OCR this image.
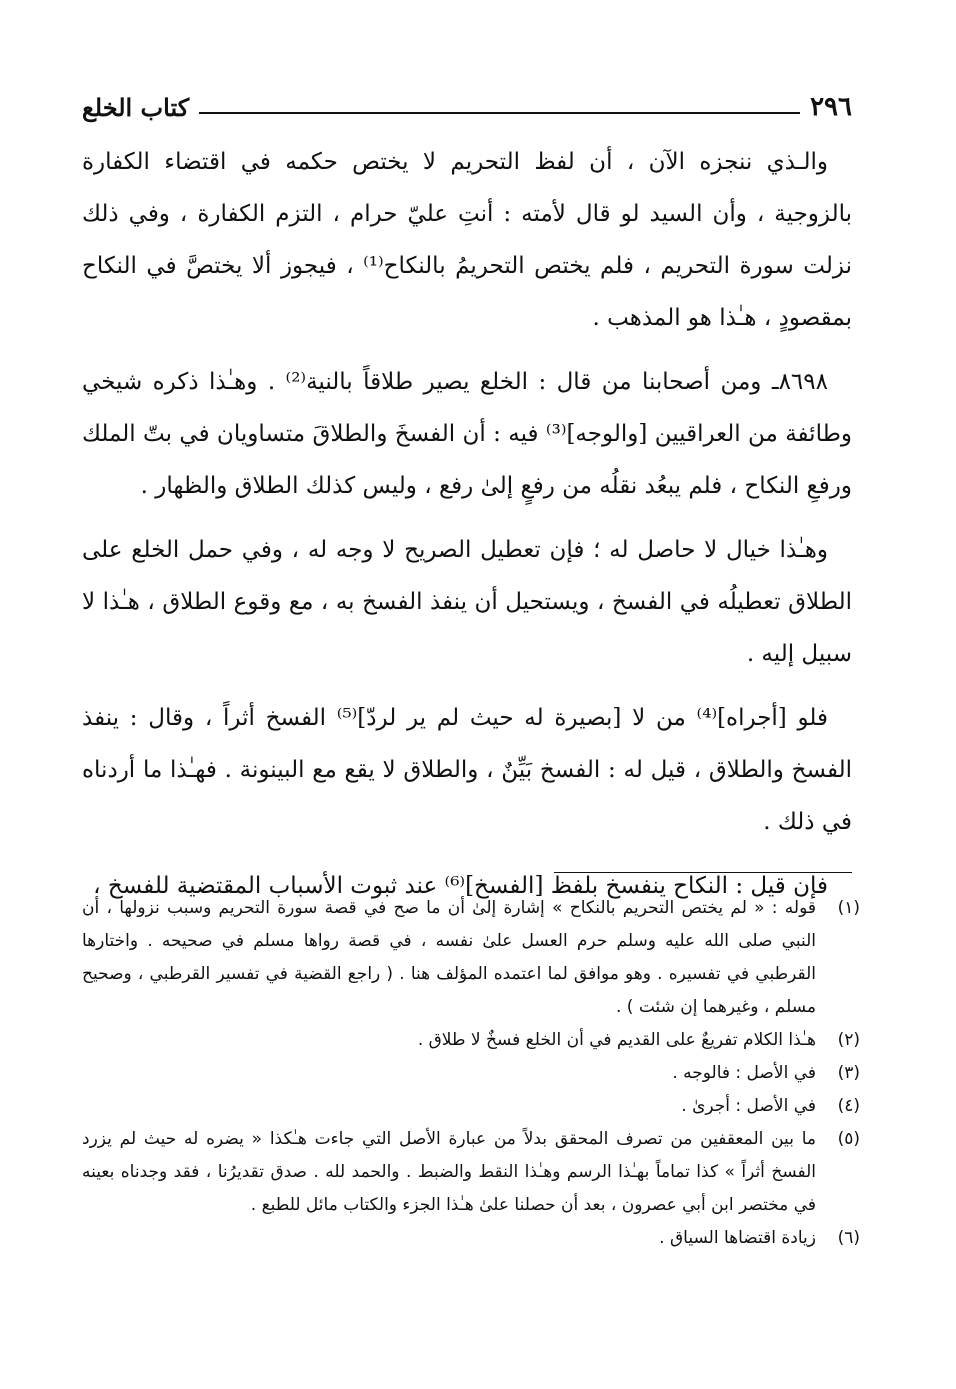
٢٩٦
كتاب الخلع

والـذي ننجزه الآن ، أن لفظ التحريم لا يختص حكمه في اقتضاء الكفارة بالزوجية ، وأن السيد لو قال لأمته : أنتِ عليّ حرام ، التزم الكفارة ، وفي ذلك نزلت سورة التحريم ، فلم يختص التحريمُ بالنكاح⁽¹⁾ ، فيجوز ألا يختصَّ في النكاح بمقصودٍ ، هـٰذا هو المذهب .

٨٦٩٨ـ ومن أصحابنا من قال : الخلع يصير طلاقاً بالنية⁽²⁾ . وهـٰذا ذكره شيخي وطائفة من العراقيين [والوجه]⁽³⁾ فيه : أن الفسخَ والطلاقَ متساويان في بتّ الملك ورفعِ النكاح ، فلم يبعُد نقلُه من رفعٍ إلىٰ رفع ، وليس كذلك الطلاق والظهار .

وهـٰذا خيال لا حاصل له ؛ فإن تعطيل الصريح لا وجه له ، وفي حمل الخلع على الطلاق تعطيلُه في الفسخ ، ويستحيل أن ينفذ الفسخ به ، مع وقوع الطلاق ، هـٰذا لا سبيل إليه .

فلو [أجراه]⁽⁴⁾ من لا [بصيرة له حيث لم ير لردّ]⁽⁵⁾ الفسخ أثراً ، وقال : ينفذ الفسخ والطلاق ، قيل له : الفسخ بَيِّنٌ ، والطلاق لا يقع مع البينونة . فهـٰذا ما أردناه في ذلك .

فإن قيل : النكاح ينفسخ بلفظ [الفسخ]⁽⁶⁾ عند ثبوت الأسباب المقتضية للفسخ ،

(١)
قوله : « لم يختص التحريم بالنكاح » إشارة إلىٰ أن ما صح في قصة سورة التحريم وسبب نزولها ، أن النبي صلى الله عليه وسلم حرم العسل علىٰ نفسه ، في قصة رواها مسلم في صحيحه . واختارها القرطبي في تفسيره . وهو موافق لما اعتمده المؤلف هنا . ( راجع القضية في تفسير القرطبي ، وصحيح مسلم ، وغيرهما إن شئت ) .
(٢)
هـٰذا الكلام تفريعٌ على القديم في أن الخلع فسخٌ لا طلاق .
(٣)
في الأصل : فالوجه .
(٤)
في الأصل : أجرىٰ .
(٥)
ما بين المعقفين من تصرف المحقق بدلاً من عبارة الأصل التي جاءت هـٰكذا « يضره له حيث لم يزرد الفسخ أثراً » كذا تماماً بهـٰذا الرسم وهـٰذا النقط والضبط . والحمد لله . صدق تقديرُنا ، فقد وجدناه بعينه في مختصر ابن أبي عصرون ، بعد أن حصلنا علىٰ هـٰذا الجزء والكتاب مائل للطبع .
(٦)
زيادة اقتضاها السياق .
